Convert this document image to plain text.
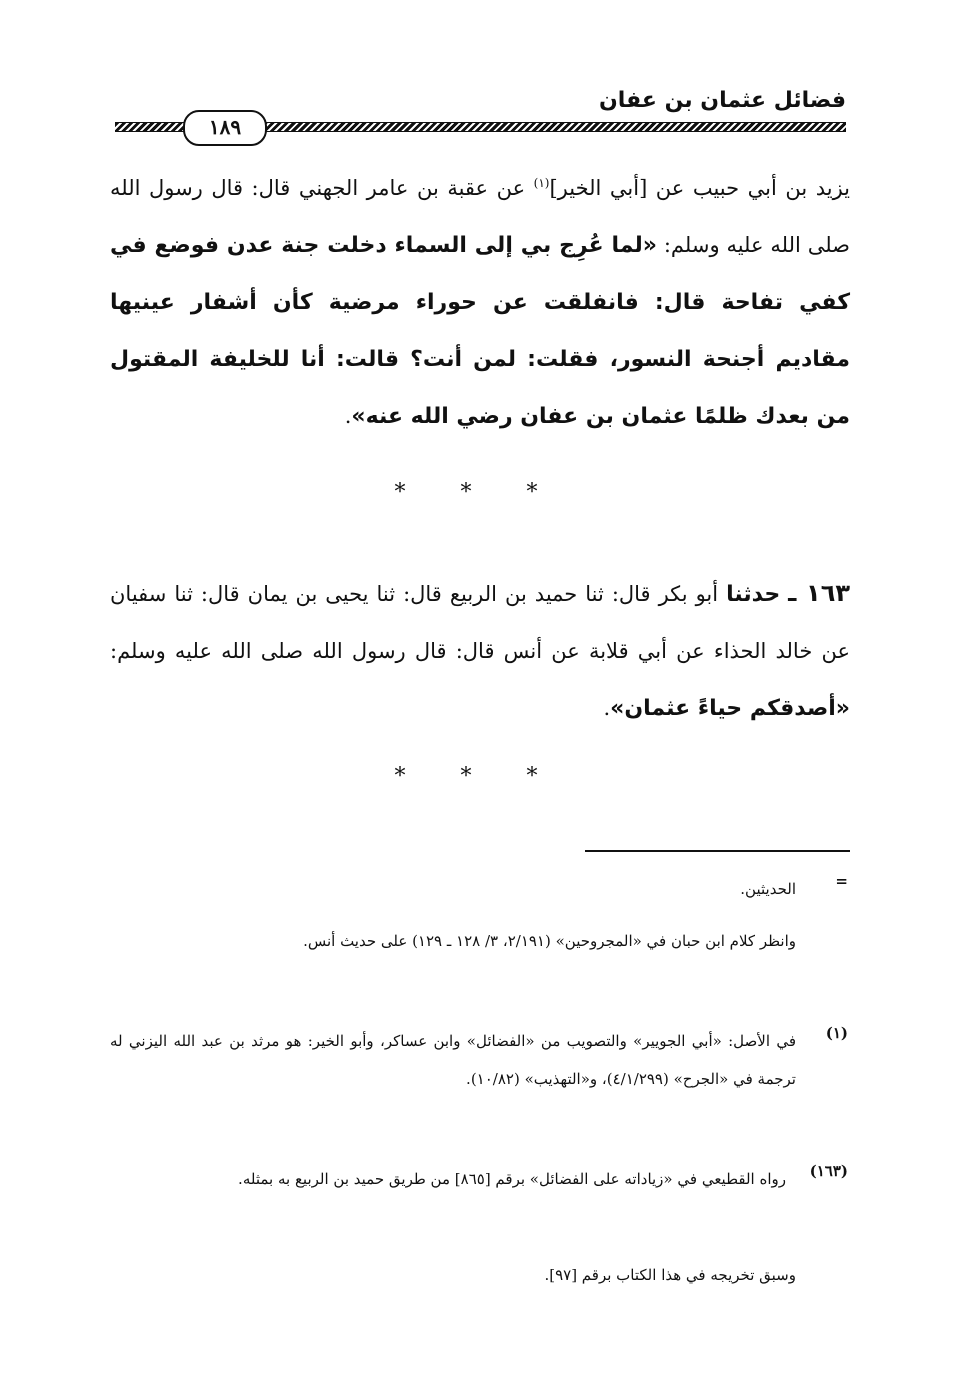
فضائل عثمان بن عفان
١٨٩
يزيد بن أبي حبيب عن [أبي الخير]$^{(١)}$ عن عقبة بن عامر الجهني قال: قال رسول الله صلى الله عليه وسلم: «لما عُرِج بي إلى السماء دخلت جنة عدن فوضع في كفي تفاحة قال: فانفلقت عن حوراء مرضية كأن أشفار عينيها مقاديم أجنحة النسور، فقلت: لمن أنت؟ قالت: أنا للخليفة المقتول من بعدك ظلمًا عثمان بن عفان رضي الله عنه».
* * *
١٦٣ ـ حدثنا أبو بكر قال: ثنا حميد بن الربيع قال: ثنا يحيى بن يمان قال: ثنا سفيان عن خالد الحذاء عن أبي قلابة عن أنس قال: قال رسول الله صلى الله عليه وسلم: «أصدقكم حياءً عثمان».
* * *
=
الحديثين.
وانظر كلام ابن حبان في «المجروحين» (٢/١٩١، ٣/ ١٢٨ ـ ١٢٩) على حديث أنس.
(١)
في الأصل: «أبي الجويير» والتصويب من «الفضائل» وابن عساكر، وأبو الخير: هو مرثد بن عبد الله اليزني له ترجمة في «الجرح» (٤/١/٢٩٩)، و«التهذيب» (١٠/٨٢).
(١٦٣)
رواه القطيعي في «زياداته على الفضائل» برقم [٨٦٥] من طريق حميد بن الربيع به بمثله.
وسبق تخريجه في هذا الكتاب برقم [٩٧].
